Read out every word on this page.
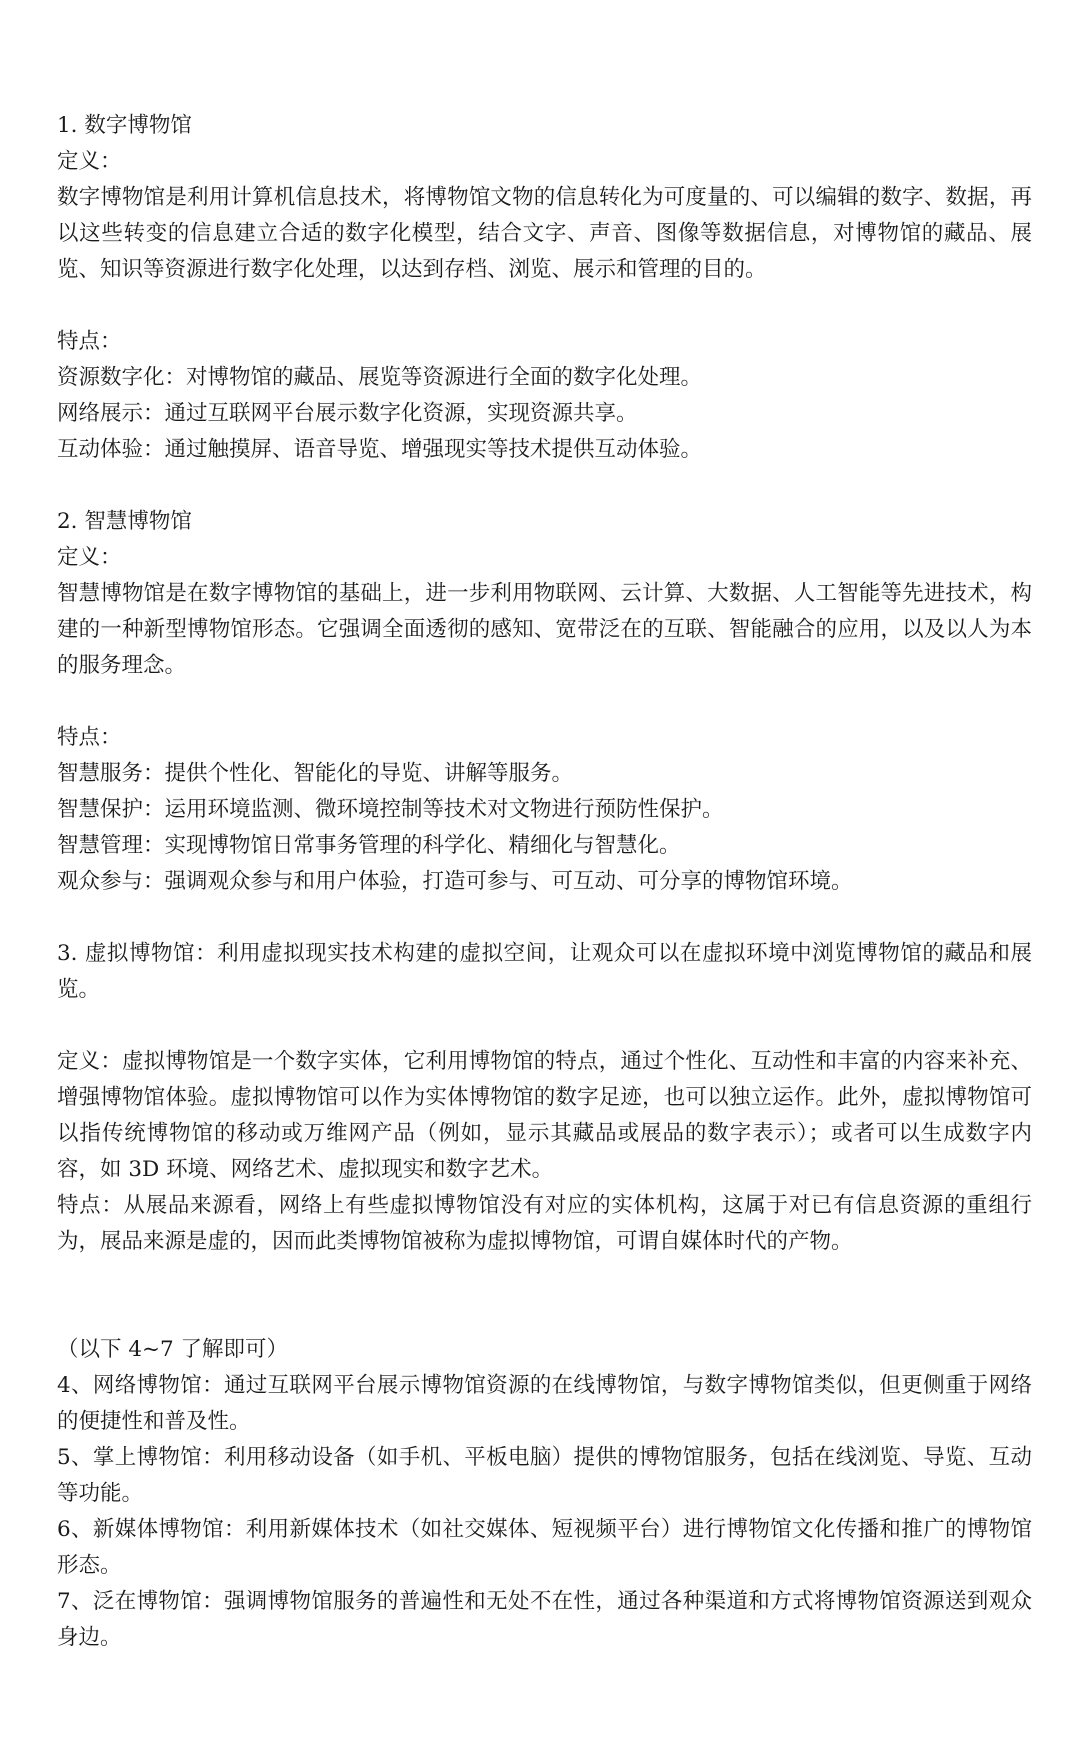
1. 数字博物馆

定义：

数字博物馆是利用计算机信息技术，将博物馆文物的信息转化为可度量的、可以编辑的数字、数据，再以这些转变的信息建立合适的数字化模型，结合文字、声音、图像等数据信息，对博物馆的藏品、展览、知识等资源进行数字化处理，以达到存档、浏览、展示和管理的目的。

特点：

资源数字化：对博物馆的藏品、展览等资源进行全面的数字化处理。

网络展示：通过互联网平台展示数字化资源，实现资源共享。

互动体验：通过触摸屏、语音导览、增强现实等技术提供互动体验。

2. 智慧博物馆

定义：

智慧博物馆是在数字博物馆的基础上，进一步利用物联网、云计算、大数据、人工智能等先进技术，构建的一种新型博物馆形态。它强调全面透彻的感知、宽带泛在的互联、智能融合的应用，以及以人为本的服务理念。

特点：

智慧服务：提供个性化、智能化的导览、讲解等服务。

智慧保护：运用环境监测、微环境控制等技术对文物进行预防性保护。

智慧管理：实现博物馆日常事务管理的科学化、精细化与智慧化。

观众参与：强调观众参与和用户体验，打造可参与、可互动、可分享的博物馆环境。

3. 虚拟博物馆：利用虚拟现实技术构建的虚拟空间，让观众可以在虚拟环境中浏览博物馆的藏品和展览。

定义：虚拟博物馆是一个数字实体，它利用博物馆的特点，通过个性化、互动性和丰富的内容来补充、增强博物馆体验。虚拟博物馆可以作为实体博物馆的数字足迹，也可以独立运作。此外，虚拟博物馆可以指传统博物馆的移动或万维网产品（例如，显示其藏品或展品的数字表示）；或者可以生成数字内容，如 3D 环境、网络艺术、虚拟现实和数字艺术。

特点：从展品来源看，网络上有些虚拟博物馆没有对应的实体机构，这属于对已有信息资源的重组行为，展品来源是虚的，因而此类博物馆被称为虚拟博物馆，可谓自媒体时代的产物。

（以下 4~7 了解即可）

4、网络博物馆：通过互联网平台展示博物馆资源的在线博物馆，与数字博物馆类似，但更侧重于网络的便捷性和普及性。

5、掌上博物馆：利用移动设备（如手机、平板电脑）提供的博物馆服务，包括在线浏览、导览、互动等功能。

6、新媒体博物馆：利用新媒体技术（如社交媒体、短视频平台）进行博物馆文化传播和推广的博物馆形态。

7、泛在博物馆：强调博物馆服务的普遍性和无处不在性，通过各种渠道和方式将博物馆资源送到观众身边。
